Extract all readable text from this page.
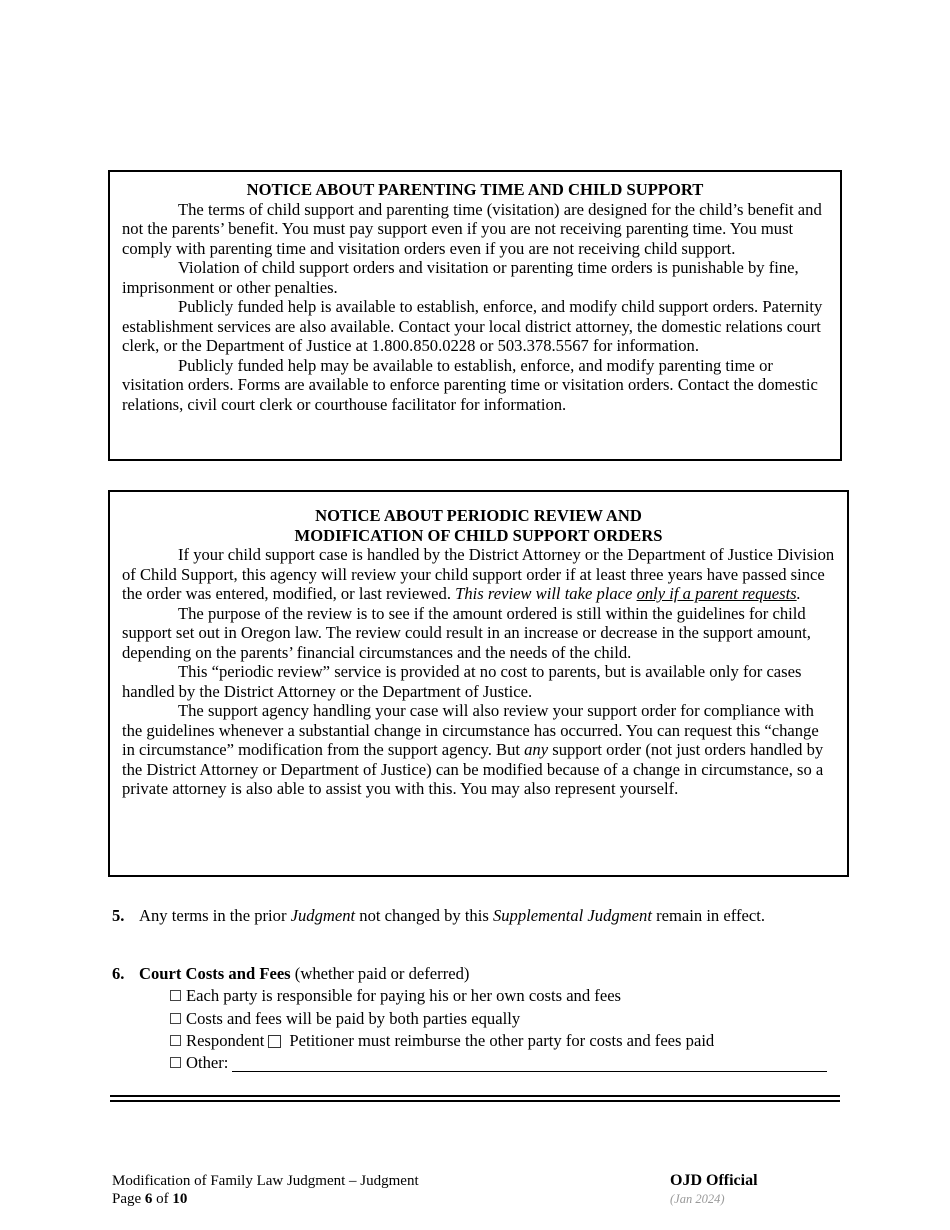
NOTICE ABOUT PARENTING TIME AND CHILD SUPPORT

The terms of child support and parenting time (visitation) are designed for the child’s benefit and not the parents’ benefit. You must pay support even if you are not receiving parenting time. You must comply with parenting time and visitation orders even if you are not receiving child support.

Violation of child support orders and visitation or parenting time orders is punishable by fine, imprisonment or other penalties.

Publicly funded help is available to establish, enforce, and modify child support orders. Paternity establishment services are also available. Contact your local district attorney, the domestic relations court clerk, or the Department of Justice at 1.800.850.0228 or 503.378.5567 for information.

Publicly funded help may be available to establish, enforce, and modify parenting time or visitation orders. Forms are available to enforce parenting time or visitation orders. Contact the domestic relations, civil court clerk or courthouse facilitator for information.

NOTICE ABOUT PERIODIC REVIEW AND
MODIFICATION OF CHILD SUPPORT ORDERS

If your child support case is handled by the District Attorney or the Department of Justice Division of Child Support, this agency will review your child support order if at least three years have passed since the order was entered, modified, or last reviewed. This review will take place only if a parent requests.

The purpose of the review is to see if the amount ordered is still within the guidelines for child support set out in Oregon law. The review could result in an increase or decrease in the support amount, depending on the parents’ financial circumstances and the needs of the child.

This “periodic review” service is provided at no cost to parents, but is available only for cases handled by the District Attorney or the Department of Justice.

The support agency handling your case will also review your support order for compliance with the guidelines whenever a substantial change in circumstance has occurred. You can request this “change in circumstance” modification from the support agency. But any support order (not just orders handled by the District Attorney or Department of Justice) can be modified because of a change in circumstance, so a private attorney is also able to assist you with this. You may also represent yourself.

5. Any terms in the prior Judgment not changed by this Supplemental Judgment remain in effect.
6. Court Costs and Fees (whether paid or deferred)
Each party is responsible for paying his or her own costs and fees
Costs and fees will be paid by both parties equally
Respondent Petitioner must reimburse the other party for costs and fees paid
Other:
Modification of Family Law Judgment – Judgment
Page 6 of 10
OJD Official
(Jan 2024)
